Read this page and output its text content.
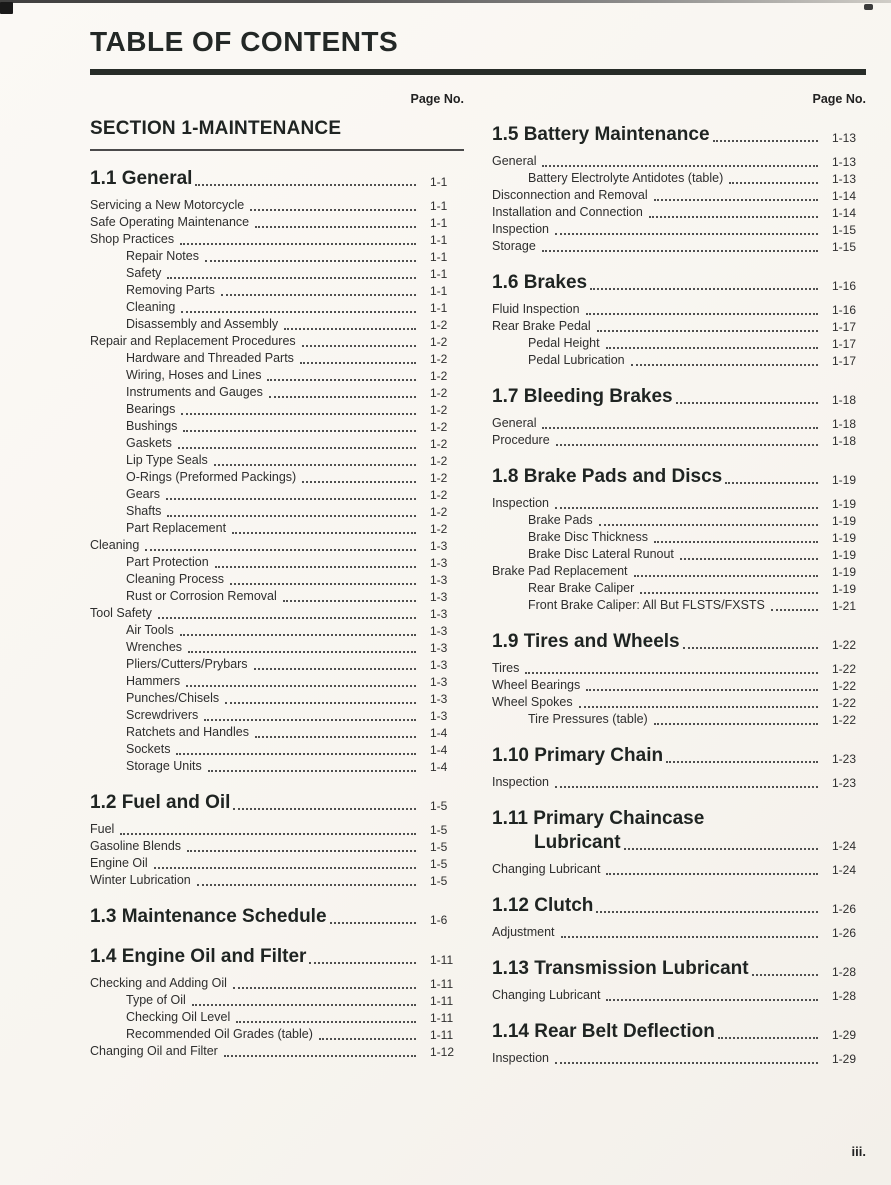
TABLE OF CONTENTS
Page No.
SECTION 1-MAINTENANCE
1.1 General	1-1
Servicing a New Motorcycle	1-1
Safe Operating Maintenance	1-1
Shop Practices	1-1
Repair Notes	1-1
Safety	1-1
Removing Parts	1-1
Cleaning	1-1
Disassembly and Assembly	1-2
Repair and Replacement Procedures	1-2
Hardware and Threaded Parts	1-2
Wiring, Hoses and Lines	1-2
Instruments and Gauges	1-2
Bearings	1-2
Bushings	1-2
Gaskets	1-2
Lip Type Seals	1-2
O-Rings (Preformed Packings)	1-2
Gears	1-2
Shafts	1-2
Part Replacement	1-2
Cleaning	1-3
Part Protection	1-3
Cleaning Process	1-3
Rust or Corrosion Removal	1-3
Tool Safety	1-3
Air Tools	1-3
Wrenches	1-3
Pliers/Cutters/Prybars	1-3
Hammers	1-3
Punches/Chisels	1-3
Screwdrivers	1-3
Ratchets and Handles	1-4
Sockets	1-4
Storage Units	1-4
1.2 Fuel and Oil	1-5
Fuel	1-5
Gasoline Blends	1-5
Engine Oil	1-5
Winter Lubrication	1-5
1.3 Maintenance Schedule	1-6
1.4 Engine Oil and Filter	1-11
Checking and Adding Oil	1-11
Type of Oil	1-11
Checking Oil Level	1-11
Recommended Oil Grades (table)	1-11
Changing Oil and Filter	1-12
Page No.
1.5 Battery Maintenance	1-13
General	1-13
Battery Electrolyte Antidotes (table)	1-13
Disconnection and Removal	1-14
Installation and Connection	1-14
Inspection	1-15
Storage	1-15
1.6 Brakes	1-16
Fluid Inspection	1-16
Rear Brake Pedal	1-17
Pedal Height	1-17
Pedal Lubrication	1-17
1.7 Bleeding Brakes	1-18
General	1-18
Procedure	1-18
1.8 Brake Pads and Discs	1-19
Inspection	1-19
Brake Pads	1-19
Brake Disc Thickness	1-19
Brake Disc Lateral Runout	1-19
Brake Pad Replacement	1-19
Rear Brake Caliper	1-19
Front Brake Caliper: All But FLSTS/FXSTS	1-21
1.9 Tires and Wheels	1-22
Tires	1-22
Wheel Bearings	1-22
Wheel Spokes	1-22
Tire Pressures (table)	1-22
1.10 Primary Chain	1-23
Inspection	1-23
1.11 Primary Chaincase
Lubricant	1-24
Changing Lubricant	1-24
1.12 Clutch	1-26
Adjustment	1-26
1.13 Transmission Lubricant	1-28
Changing Lubricant	1-28
1.14 Rear Belt Deflection	1-29
Inspection	1-29
iii.
